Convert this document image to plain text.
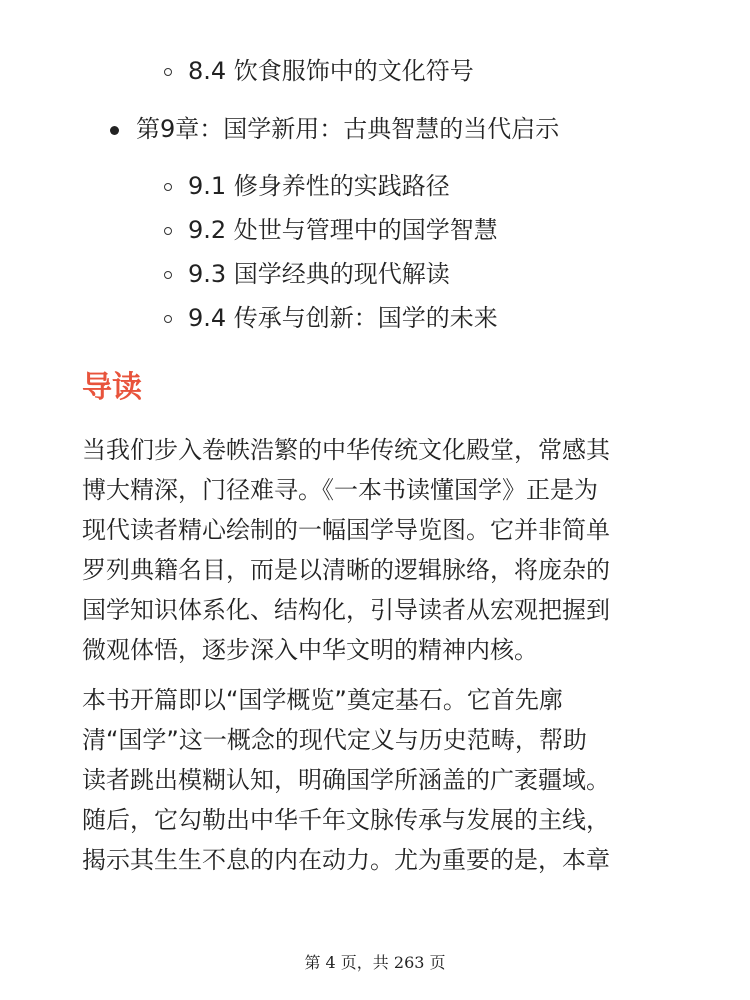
8.4 饮食服饰中的文化符号
第9章：国学新用：古典智慧的当代启示
9.1 修身养性的实践路径
9.2 处世与管理中的国学智慧
9.3 国学经典的现代解读
9.4 传承与创新：国学的未来
导读
当我们步入卷帙浩繁的中华传统文化殿堂，常感其
博大精深，门径难寻。《一本书读懂国学》正是为
现代读者精心绘制的一幅国学导览图。它并非简单
罗列典籍名目，而是以清晰的逻辑脉络，将庞杂的
国学知识体系化、结构化，引导读者从宏观把握到
微观体悟，逐步深入中华文明的精神内核。
本书开篇即以“国学概览”奠定基石。它首先廓
清“国学”这一概念的现代定义与历史范畴，帮助
读者跳出模糊认知，明确国学所涵盖的广袤疆域。
随后，它勾勒出中华千年文脉传承与发展的主线，
揭示其生生不息的内在动力。尤为重要的是，本章
第 4 页，共 263 页
